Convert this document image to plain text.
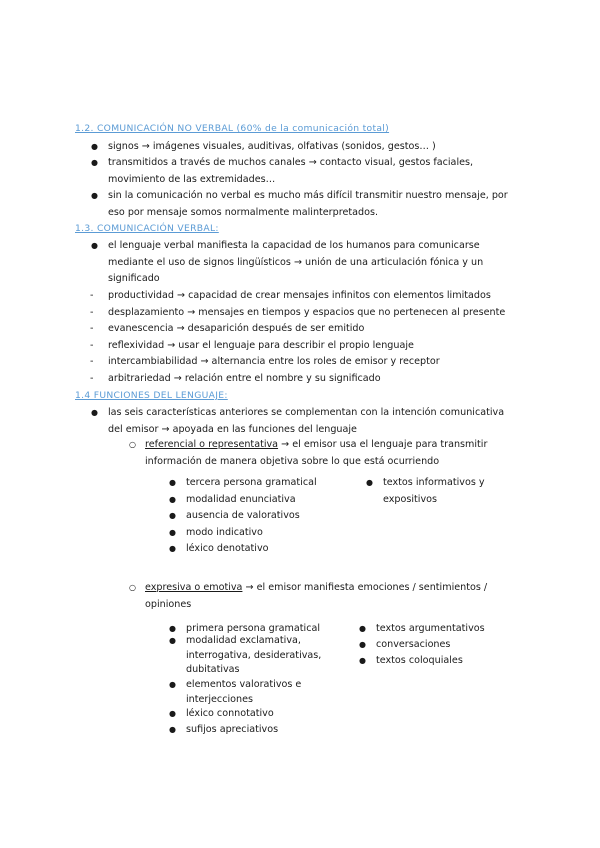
1.2. COMUNICACIÓN NO VERBAL (60% de la comunicación total)
● signos → imágenes visuales, auditivas, olfativas (sonidos, gestos… )
● transmitidos a través de muchos canales → contacto visual, gestos faciales, movimiento de las extremidades…
● sin la comunicación no verbal es mucho más difícil transmitir nuestro mensaje, por eso por mensaje somos normalmente malinterpretados.
1.3. COMUNICACIÓN VERBAL:
● el lenguaje verbal manifiesta la capacidad de los humanos para comunicarse mediante el uso de signos lingüísticos → unión de una articulación fónica y un significado
- productividad → capacidad de crear mensajes infinitos con elementos limitados
- desplazamiento → mensajes en tiempos y espacios que no pertenecen al presente
- evanescencia → desaparición después de ser emitido
- reflexividad → usar el lenguaje para describir el propio lenguaje
- intercambiabilidad → alternancia entre los roles de emisor y receptor
- arbitrariedad → relación entre el nombre y su significado
1.4 FUNCIONES DEL LENGUAJE:
● las seis características anteriores se complementan con la intención comunicativa del emisor → apoyada en las funciones del lenguaje
○ referencial o representativa → el emisor usa el lenguaje para transmitir información de manera objetiva sobre lo que está ocurriendo
● tercera persona gramatical
● modalidad enunciativa
● ausencia de valorativos
● modo indicativo
● léxico denotativo
● textos informativos y expositivos
○ expresiva o emotiva → el emisor manifiesta emociones / sentimientos / opiniones
● primera persona gramatical
● modalidad exclamativa, interrogativa, desiderativas, dubitativas
● elementos valorativos e interjecciones
● léxico connotativo
● sufijos apreciativos
● textos argumentativos
● conversaciones
● textos coloquiales
